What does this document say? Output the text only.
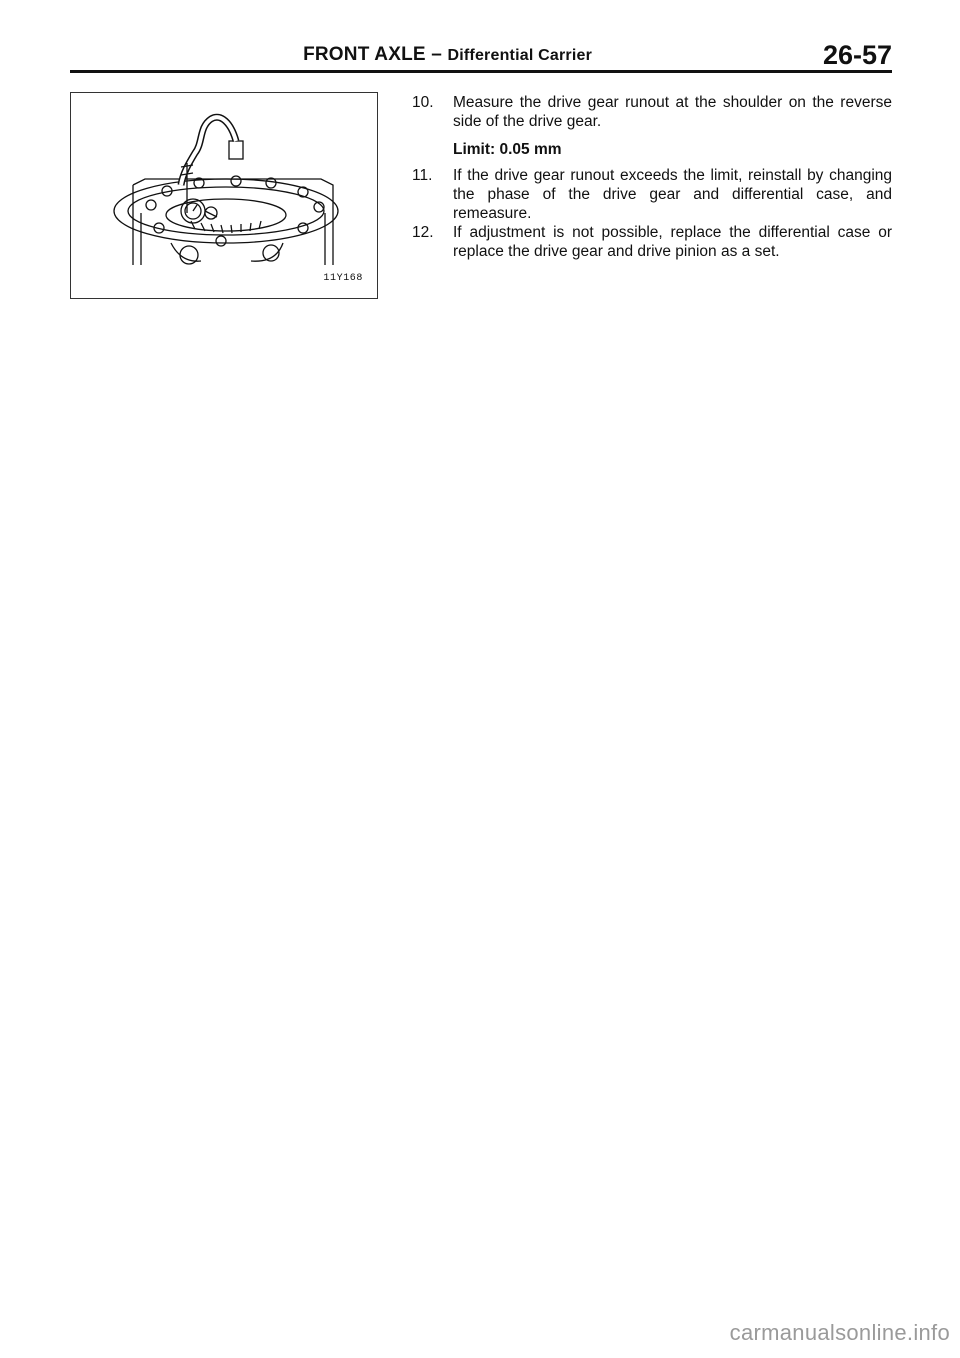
FRONT AXLE – Differential Carrier	26-57
11Y168
10. Measure the drive gear runout at the shoulder on the reverse side of the drive gear.
Limit: 0.05 mm
11. If the drive gear runout exceeds the limit, reinstall by changing the phase of the drive gear and differential case, and remeasure.
12. If adjustment is not possible, replace the differential case or replace the drive gear and drive pinion as a set.
carmanualsonline.info
